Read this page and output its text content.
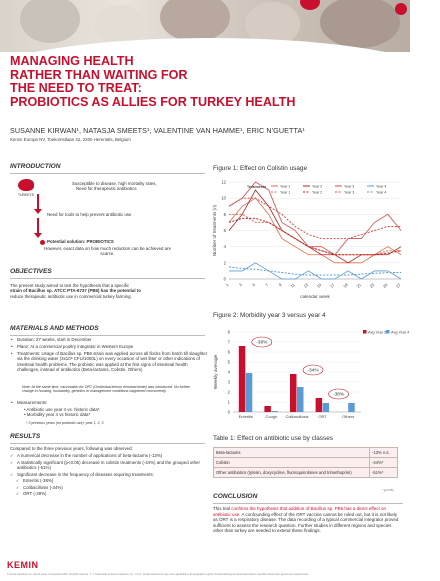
MANAGING HEALTH
RATHER THAN WAITING FOR
THE NEED TO TREAT:
PROBIOTICS AS ALLIES FOR TURKEY HEALTH
SUSANNE KIRWAN¹, NATASJA SMEETS¹, VALENTINE VAN HAMME¹, ERIC N'GUETTA¹
Kemin Europa NV, Toekomstlaan 42, 2200 Herentals, Belgium
INTRODUCTION
TURKEYS
Susceptible to disease, high mortality rates,
Need for therapeutic antibiotics
Need for tools to help prevent antibiotic use
Potential solution: PROBIOTICS
However, exact data on how much reduction can be achieved are
scarce.
OBJECTIVES
The present study aimed to test the hypothesis that a specific
strain of Bacillus sp. ATCC PTA-6737 (PB6) has the potential to
reduce therapeutic antibiotic use in commercial turkey farming.
MATERIALS AND METHODS
• Duration: 27 weeks, start in December
• Place: At a commercial poultry integrator in Western Europe
• Treatments: Usage of Bacillus sp. PB6 strain was applied across all flocks from hatch till slaughter via the drinking water (3x10⁸ CFU/1000L) on every occasion of wet litter or other indications of intestinal health problems. The probiotic was applied at the first signs of intestinal health challenges, instead of antibiotics (Beta-lactams, Colistin, Others)
Note: At the same time, vaccination for ORT (Ornithobacterium rhinotracheale) was introduced. No further change in housing, husbandry, genetics or management conditions happened concurrently.
• Measurements:
• Antibiotic use year 4 vs. historic data*
• Morbidity year 4 vs historic data*
* 3 previous years (no probiotic use): year 1, 2, 3
RESULTS
Compared to the three previous years, following was observed:
✓ A numerical decrease in the number of applications of beta-lactams (-13%)
✓ A statistically significant (p<0.05) decrease in colistin treatments (-44%) and the grouped other antibiotics (-51%)
✓ Significant decrease in the frequency of diseases requiring treatments:
✓ Enteritis (-38%)
✓ Colibacillosis (-34%)
✓ ORT (-38%)
Figure 1: Effect on Colistin usage
0
2
4
6
8
10
12
1 3 5 7 9 11 13 15 17 19 21 23 25 27
calendar week
Number of treatments (n)
Treatments	Year 1	Year 2	Year 3	Year 4
Year 1	Year 2	Year 3	Year 4
Figure 2: Morbidity year 3 versus year 4
0
1
2
3
4
5
6
7
8
Weekly average
Enteritis	Cough Colibacillosis ORT	Others
-38%
-34%
-38%
Avg Year 3 Avg Year 4
Table 1: Effect on antibiotic use by classes
Beta-lactams	-13% n.s.
Colistin	-44%*
Other antibiotics (tylosin, doxycycline, fluoroquinolones and trimethoprim)	-51%*
* (p<0.05)
CONCLUSION
This trial confirms the hypothesis that addition of Bacillus sp. PB6 has a direct effect on antibiotic use. A confounding effect of the ORT vaccine cannot be ruled out, but it is not likely as ORT is a respiratory disease. The data recording of a typical commercial integrator proved sufficient to assess the research question. Further studies in different regions and species other than turkey are needed to extend these findings.
KEMIN
© Kemin Industries, Inc. and its group of companies 2019. All rights reserved. ® ™ Trademarks of Kemin Industries, Inc., U.S.A. Certain statements may not be applicable in all geographic regions. Product labeling and associated claims may differ based upon government requirements.
